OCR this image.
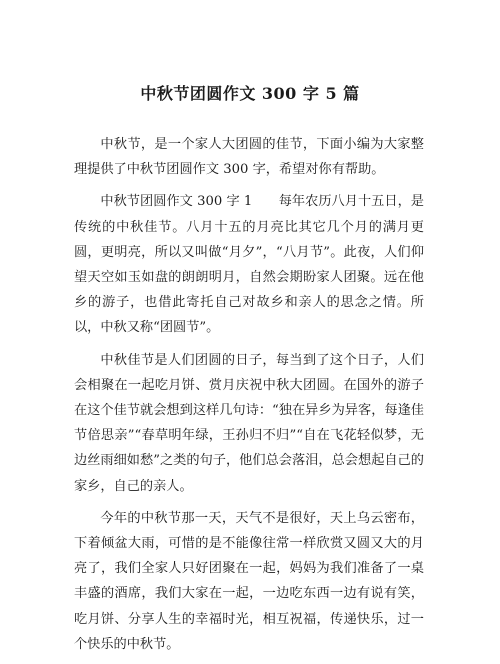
中秋节团圆作文 300 字 5 篇

中秋节，是一个家人大团圆的佳节，下面小编为大家整理提供了中秋节团圆作文 300 字，希望对你有帮助。

中秋节团圆作文 300 字 1　　每年农历八月十五日，是传统的中秋佳节。八月十五的月亮比其它几个月的满月更圆，更明亮，所以又叫做“月夕”，“八月节”。此夜，人们仰望天空如玉如盘的朗朗明月，自然会期盼家人团聚。远在他乡的游子，也借此寄托自己对故乡和亲人的思念之情。所以，中秋又称“团圆节”。

中秋佳节是人们团圆的日子，每当到了这个日子，人们会相聚在一起吃月饼、赏月庆祝中秋大团圆。在国外的游子在这个佳节就会想到这样几句诗：“独在异乡为异客，每逢佳节倍思亲”“春草明年绿，王孙归不归”“自在飞花轻似梦，无边丝雨细如愁”之类的句子，他们总会落泪，总会想起自己的家乡，自己的亲人。

今年的中秋节那一天，天气不是很好，天上乌云密布，下着倾盆大雨，可惜的是不能像往常一样欣赏又圆又大的月亮了，我们全家人只好团聚在一起，妈妈为我们准备了一桌丰盛的酒席，我们大家在一起，一边吃东西一边有说有笑，吃月饼、分享人生的幸福时光，相互祝福，传递快乐，过一个快乐的中秋节。
